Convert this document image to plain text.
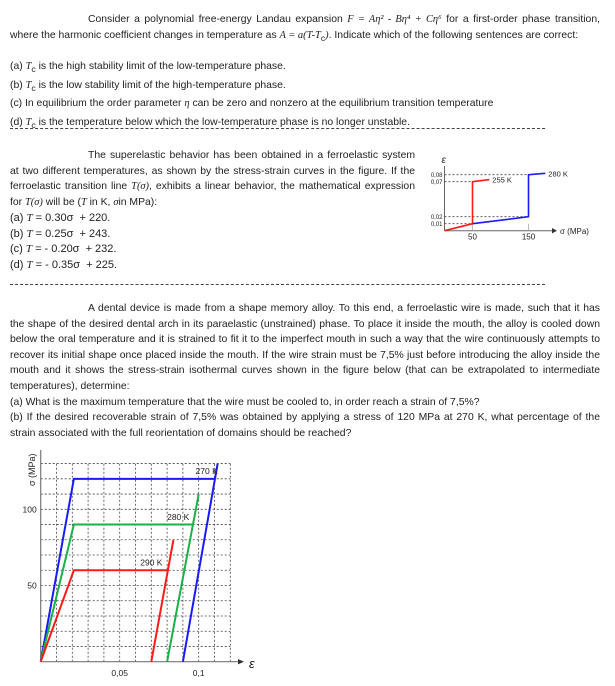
Consider a polynomial free-energy Landau expansion F = Aη² - Bη⁴ + Cη⁶ for a first-order phase transition, where the harmonic coefficient changes in temperature as $A = a(T-T_c)$. Indicate which of the following sentences are correct:

(a) $T_c$ is the high stability limit of the low-temperature phase.

(b) $T_c$ is the low stability limit of the high-temperature phase.

(c) In equilibrium the order parameter η can be zero and nonzero at the equilibrium transition temperature

(d) $T_c$ is the temperature below which the low-temperature phase is no longer unstable.

The superelastic behavior has been obtained in a ferroelastic system at two different temperatures, as shown by the stress-strain curves in the figure. If the ferroelastic transition line T(σ), exhibits a linear behavior, the mathematical expression for T(σ) will be (T in K, σin MPa):

(a) T = 0.30σ  + 220.

(b) T = 0.25σ  + 243.

(c) T = - 0.20σ  + 232.

(d) T = - 0.35σ  + 225.

A dental device is made from a shape memory alloy. To this end, a ferroelastic wire is made, such that it has the shape of the desired dental arch in its paraelastic (unstrained) phase. To place it inside the mouth, the alloy is cooled down below the oral temperature and it is strained to fit it to the imperfect mouth in such a way that the wire continuously attempts to recover its initial shape once placed inside the mouth. If the wire strain must be 7,5% just before introducing the alloy inside the mouth and it shows the stress-strain isothermal curves shown in the figure below (that can be extrapolated to intermediate temperatures), determine:

(a) What is the maximum temperature that the wire must be cooled to, in order reach a strain of 7,5%?

(b) If the desired recoverable strain of 7,5% was obtained by applying a stress of 120 MPa at 270 K, what percentage of the strain associated with the full reorientation of domains should be reached?

ε
σ (MPa)
0,08
0,07
0,02
0,01
50	150
255 K
280 K
ε
σ (MPa)
100
50
0,05	0,1
270 K
280 K
290 K
